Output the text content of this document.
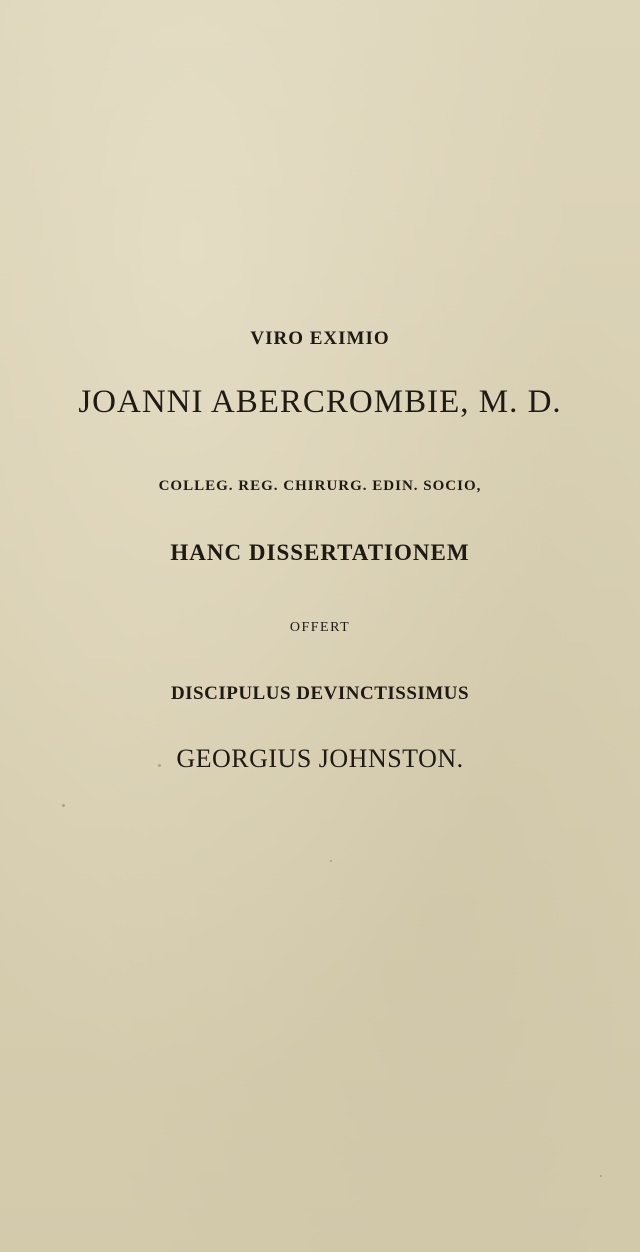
VIRO EXIMIO
JOANNI ABERCROMBIE, M. D.
COLLEG. REG. CHIRURG. EDIN. SOCIO,
HANC DISSERTATIONEM
OFFERT
DISCIPULUS DEVINCTISSIMUS
GEORGIUS JOHNSTON.
